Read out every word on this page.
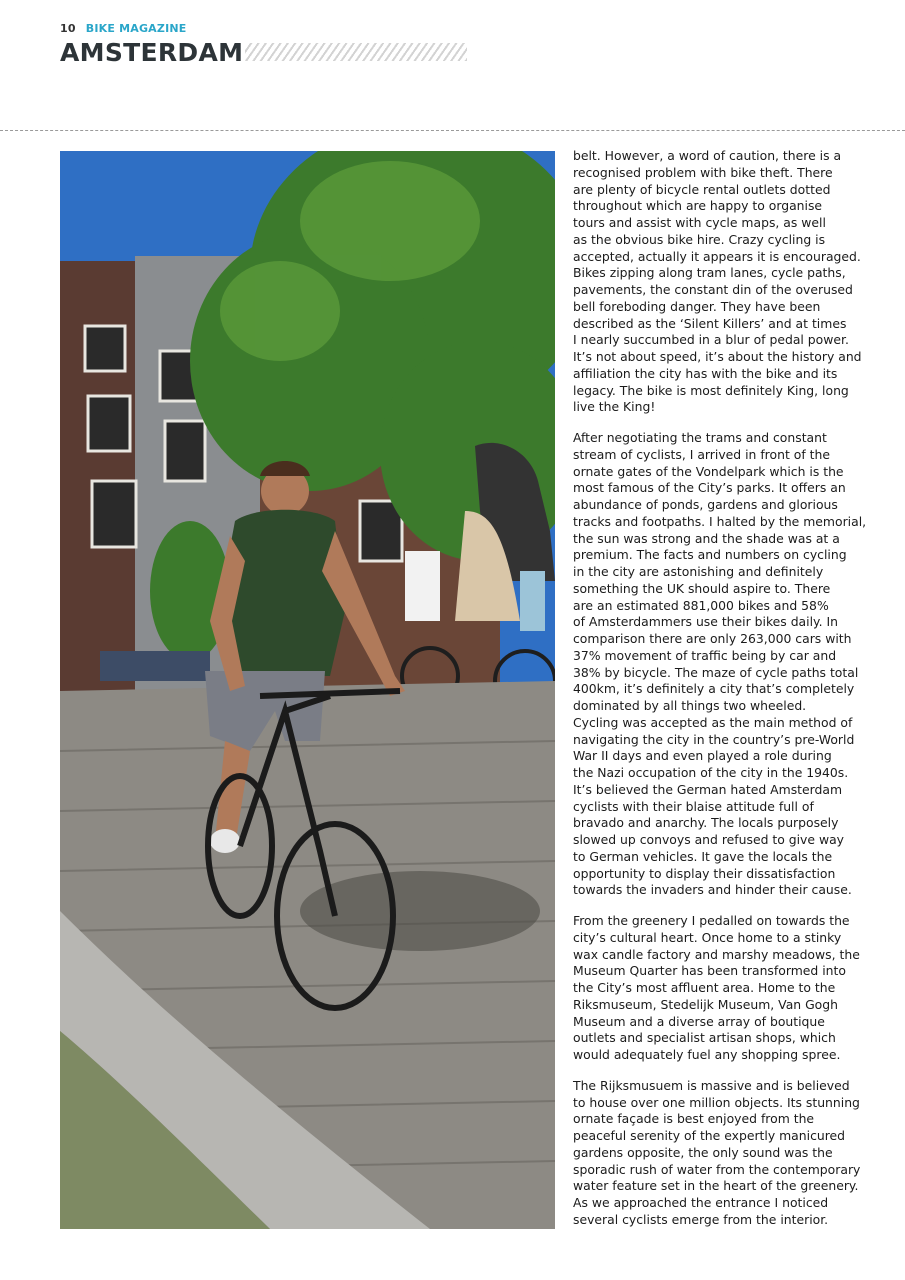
10 BIKE MAGAZINE
AMSTERDAM

belt. However, a word of caution, there is a
recognised problem with bike theft. There
are plenty of bicycle rental outlets dotted
throughout which are happy to organise
tours and assist with cycle maps, as well
as the obvious bike hire. Crazy cycling is
accepted, actually it appears it is encouraged.
Bikes zipping along tram lanes, cycle paths,
pavements, the constant din of the overused
bell foreboding danger. They have been
described as the ‘Silent Killers’ and at times
I nearly succumbed in a blur of pedal power.
It’s not about speed, it’s about the history and
affiliation the city has with the bike and its
legacy. The bike is most definitely King, long
live the King!

After negotiating the trams and constant
stream of cyclists, I arrived in front of the
ornate gates of the Vondelpark which is the
most famous of the City’s parks. It offers an
abundance of ponds, gardens and glorious
tracks and footpaths. I halted by the memorial,
the sun was strong and the shade was at a
premium. The facts and numbers on cycling
in the city are astonishing and definitely
something the UK should aspire to. There
are an estimated 881,000 bikes and 58%
of Amsterdammers use their bikes daily. In
comparison there are only 263,000 cars with
37% movement of traffic being by car and
38% by bicycle. The maze of cycle paths total
400km, it’s definitely a city that’s completely
dominated by all things two wheeled.
Cycling was accepted as the main method of
navigating the city in the country’s pre-World
War II days and even played a role during
the Nazi occupation of the city in the 1940s.
It’s believed the German hated Amsterdam
cyclists with their blaise attitude full of
bravado and anarchy. The locals purposely
slowed up convoys and refused to give way
to German vehicles. It gave the locals the
opportunity to display their dissatisfaction
towards the invaders and hinder their cause.

From the greenery I pedalled on towards the
city’s cultural heart. Once home to a stinky
wax candle factory and marshy meadows, the
Museum Quarter has been transformed into
the City’s most affluent area. Home to the
Riksmuseum, Stedelijk Museum, Van Gogh
Museum and a diverse array of boutique
outlets and specialist artisan shops, which
would adequately fuel any shopping spree.

The Rijksmusuem is massive and is believed
to house over one million objects. Its stunning
ornate façade is best enjoyed from the
peaceful serenity of the expertly manicured
gardens opposite, the only sound was the
sporadic rush of water from the contemporary
water feature set in the heart of the greenery.
As we approached the entrance I noticed
several cyclists emerge from the interior.
